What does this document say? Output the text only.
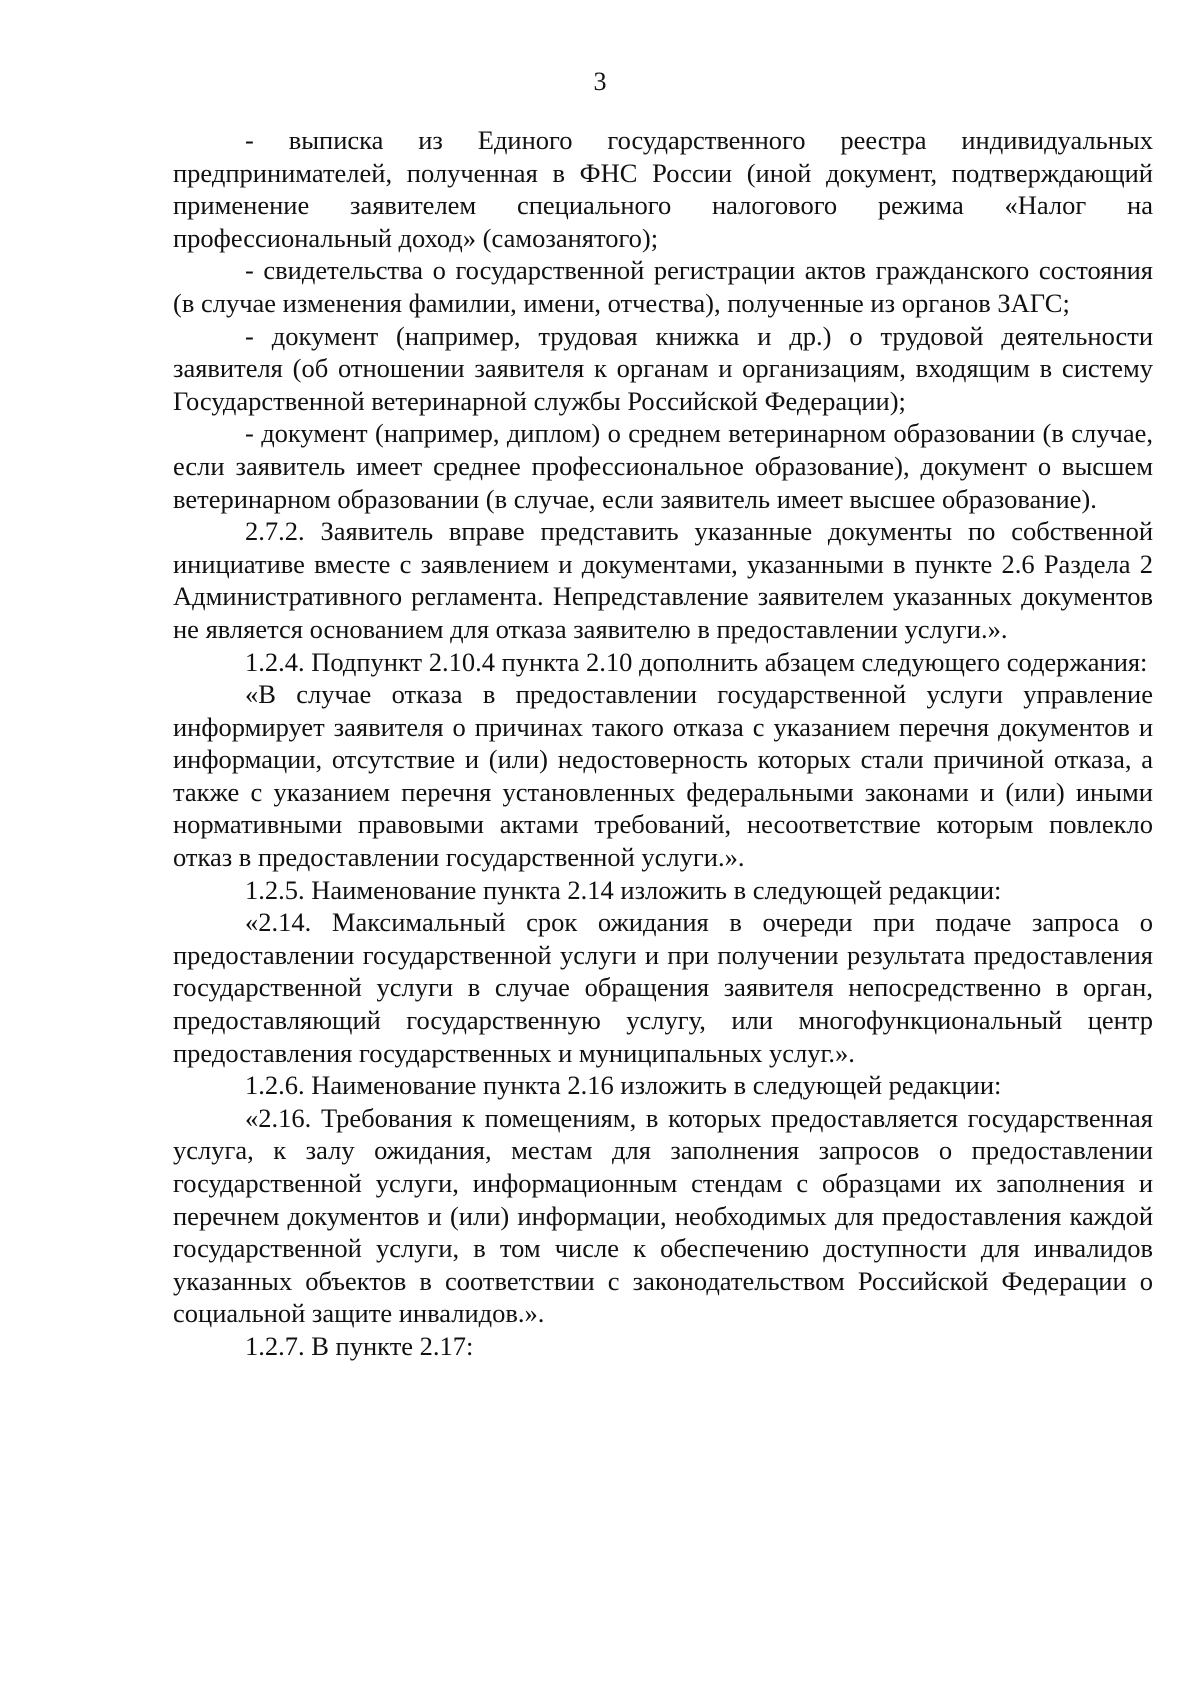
3

- выписка из Единого государственного реестра индивидуальных предпринимателей, полученная в ФНС России (иной документ, подтверждающий применение заявителем специального налогового режима «Налог на профессиональный доход» (самозанятого);

- свидетельства о государственной регистрации актов гражданского состояния (в случае изменения фамилии, имени, отчества), полученные из органов ЗАГС;

- документ (например, трудовая книжка и др.) о трудовой деятельности заявителя (об отношении заявителя к органам и организациям, входящим в систему Государственной ветеринарной службы Российской Федерации);

- документ (например, диплом) о среднем ветеринарном образовании (в случае, если заявитель имеет среднее профессиональное образование), документ о высшем ветеринарном образовании (в случае, если заявитель имеет высшее образование).

2.7.2. Заявитель вправе представить указанные документы по собственной инициативе вместе с заявлением и документами, указанными в пункте 2.6 Раздела 2 Административного регламента. Непредставление заявителем указанных документов не является основанием для отказа заявителю в предоставлении услуги.».

1.2.4. Подпункт 2.10.4 пункта 2.10 дополнить абзацем следующего содержания:

«В случае отказа в предоставлении государственной услуги управление информирует заявителя о причинах такого отказа с указанием перечня документов и информации, отсутствие и (или) недостоверность которых стали причиной отказа, а также с указанием перечня установленных федеральными законами и (или) иными нормативными правовыми актами требований, несоответствие которым повлекло отказ в предоставлении государственной услуги.».

1.2.5. Наименование пункта 2.14 изложить в следующей редакции:

«2.14. Максимальный срок ожидания в очереди при подаче запроса о предоставлении государственной услуги и при получении результата предоставления государственной услуги в случае обращения заявителя непосредственно в орган, предоставляющий государственную услугу, или многофункциональный центр предоставления государственных и муниципальных услуг.».

1.2.6. Наименование пункта 2.16 изложить в следующей редакции:

«2.16. Требования к помещениям, в которых предоставляется государственная услуга, к залу ожидания, местам для заполнения запросов о предоставлении государственной услуги, информационным стендам с образцами их заполнения и перечнем документов и (или) информации, необходимых для предоставления каждой государственной услуги, в том числе к обеспечению доступности для инвалидов указанных объектов в соответствии с законодательством Российской Федерации о социальной защите инвалидов.».

1.2.7. В пункте 2.17:
